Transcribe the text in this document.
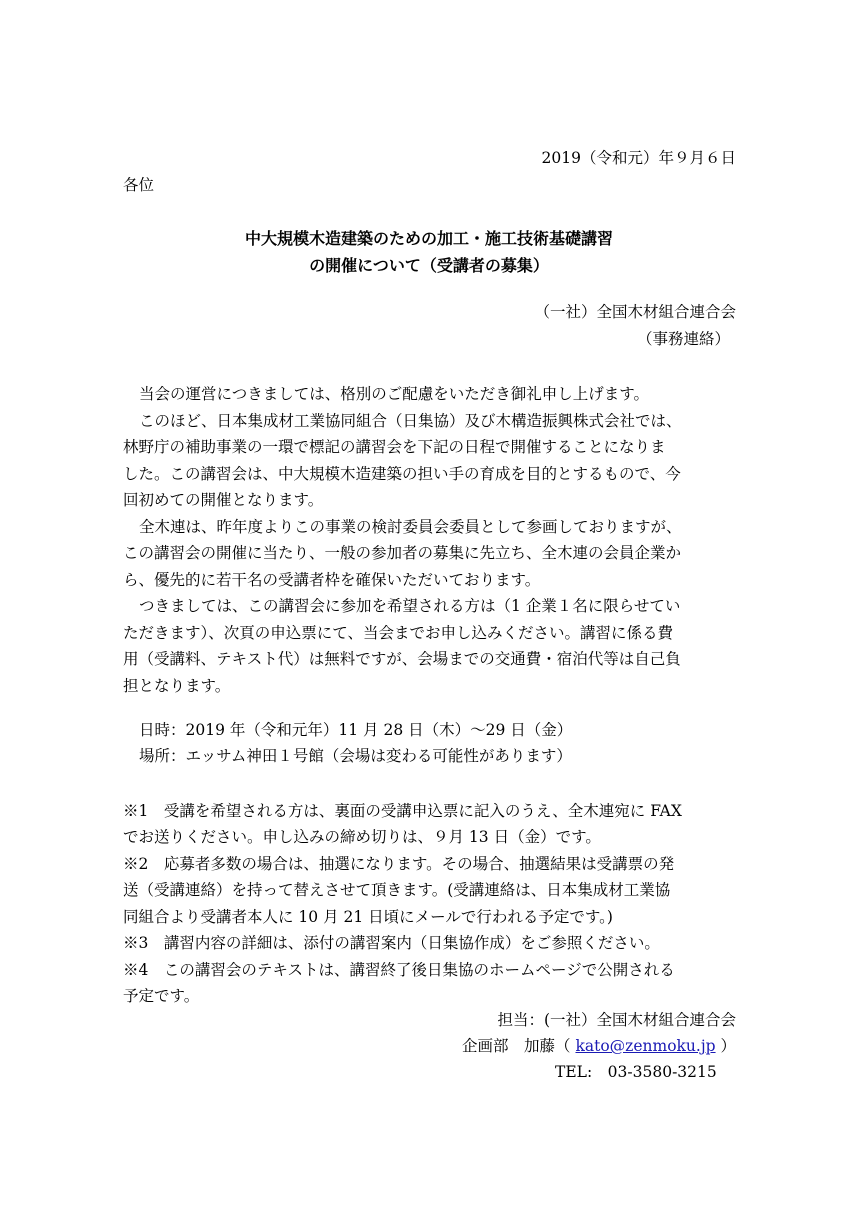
2019（令和元）年９月６日
各位
中大規模木造建築のための加工・施工技術基礎講習
の開催について（受講者の募集）
（一社）全国木材組合連合会
（事務連絡）
当会の運営につきましては、格別のご配慮をいただき御礼申し上げます。
このほど、日本集成材工業協同組合（日集協）及び木構造振興株式会社では、
林野庁の補助事業の一環で標記の講習会を下記の日程で開催することになりま
した。この講習会は、中大規模木造建築の担い手の育成を目的とするもので、今
回初めての開催となります。
全木連は、昨年度よりこの事業の検討委員会委員として参画しておりますが、
この講習会の開催に当たり、一般の参加者の募集に先立ち、全木連の会員企業か
ら、優先的に若干名の受講者枠を確保いただいております。
つきましては、この講習会に参加を希望される方は（1 企業１名に限らせてい
ただきます）、次頁の申込票にて、当会までお申し込みください。講習に係る費
用（受講料、テキスト代）は無料ですが、会場までの交通費・宿泊代等は自己負
担となります。
日時：2019 年（令和元年）11 月 28 日（木）～29 日（金）
場所：エッサム神田１号館（会場は変わる可能性があります）
※1　受講を希望される方は、裏面の受講申込票に記入のうえ、全木連宛に FAX
でお送りください。申し込みの締め切りは、９月 13 日（金）です。
※2　応募者多数の場合は、抽選になります。その場合、抽選結果は受講票の発
送（受講連絡）を持って替えさせて頂きます。(受講連絡は、日本集成材工業協
同組合より受講者本人に 10 月 21 日頃にメールで行われる予定です。)
※3　講習内容の詳細は、添付の講習案内（日集協作成）をご参照ください。
※4　この講習会のテキストは、講習終了後日集協のホームページで公開される
予定です。
担当：(一社）全国木材組合連合会
企画部　加藤（ kato@zenmoku.jp ）
TEL:　03-3580-3215
